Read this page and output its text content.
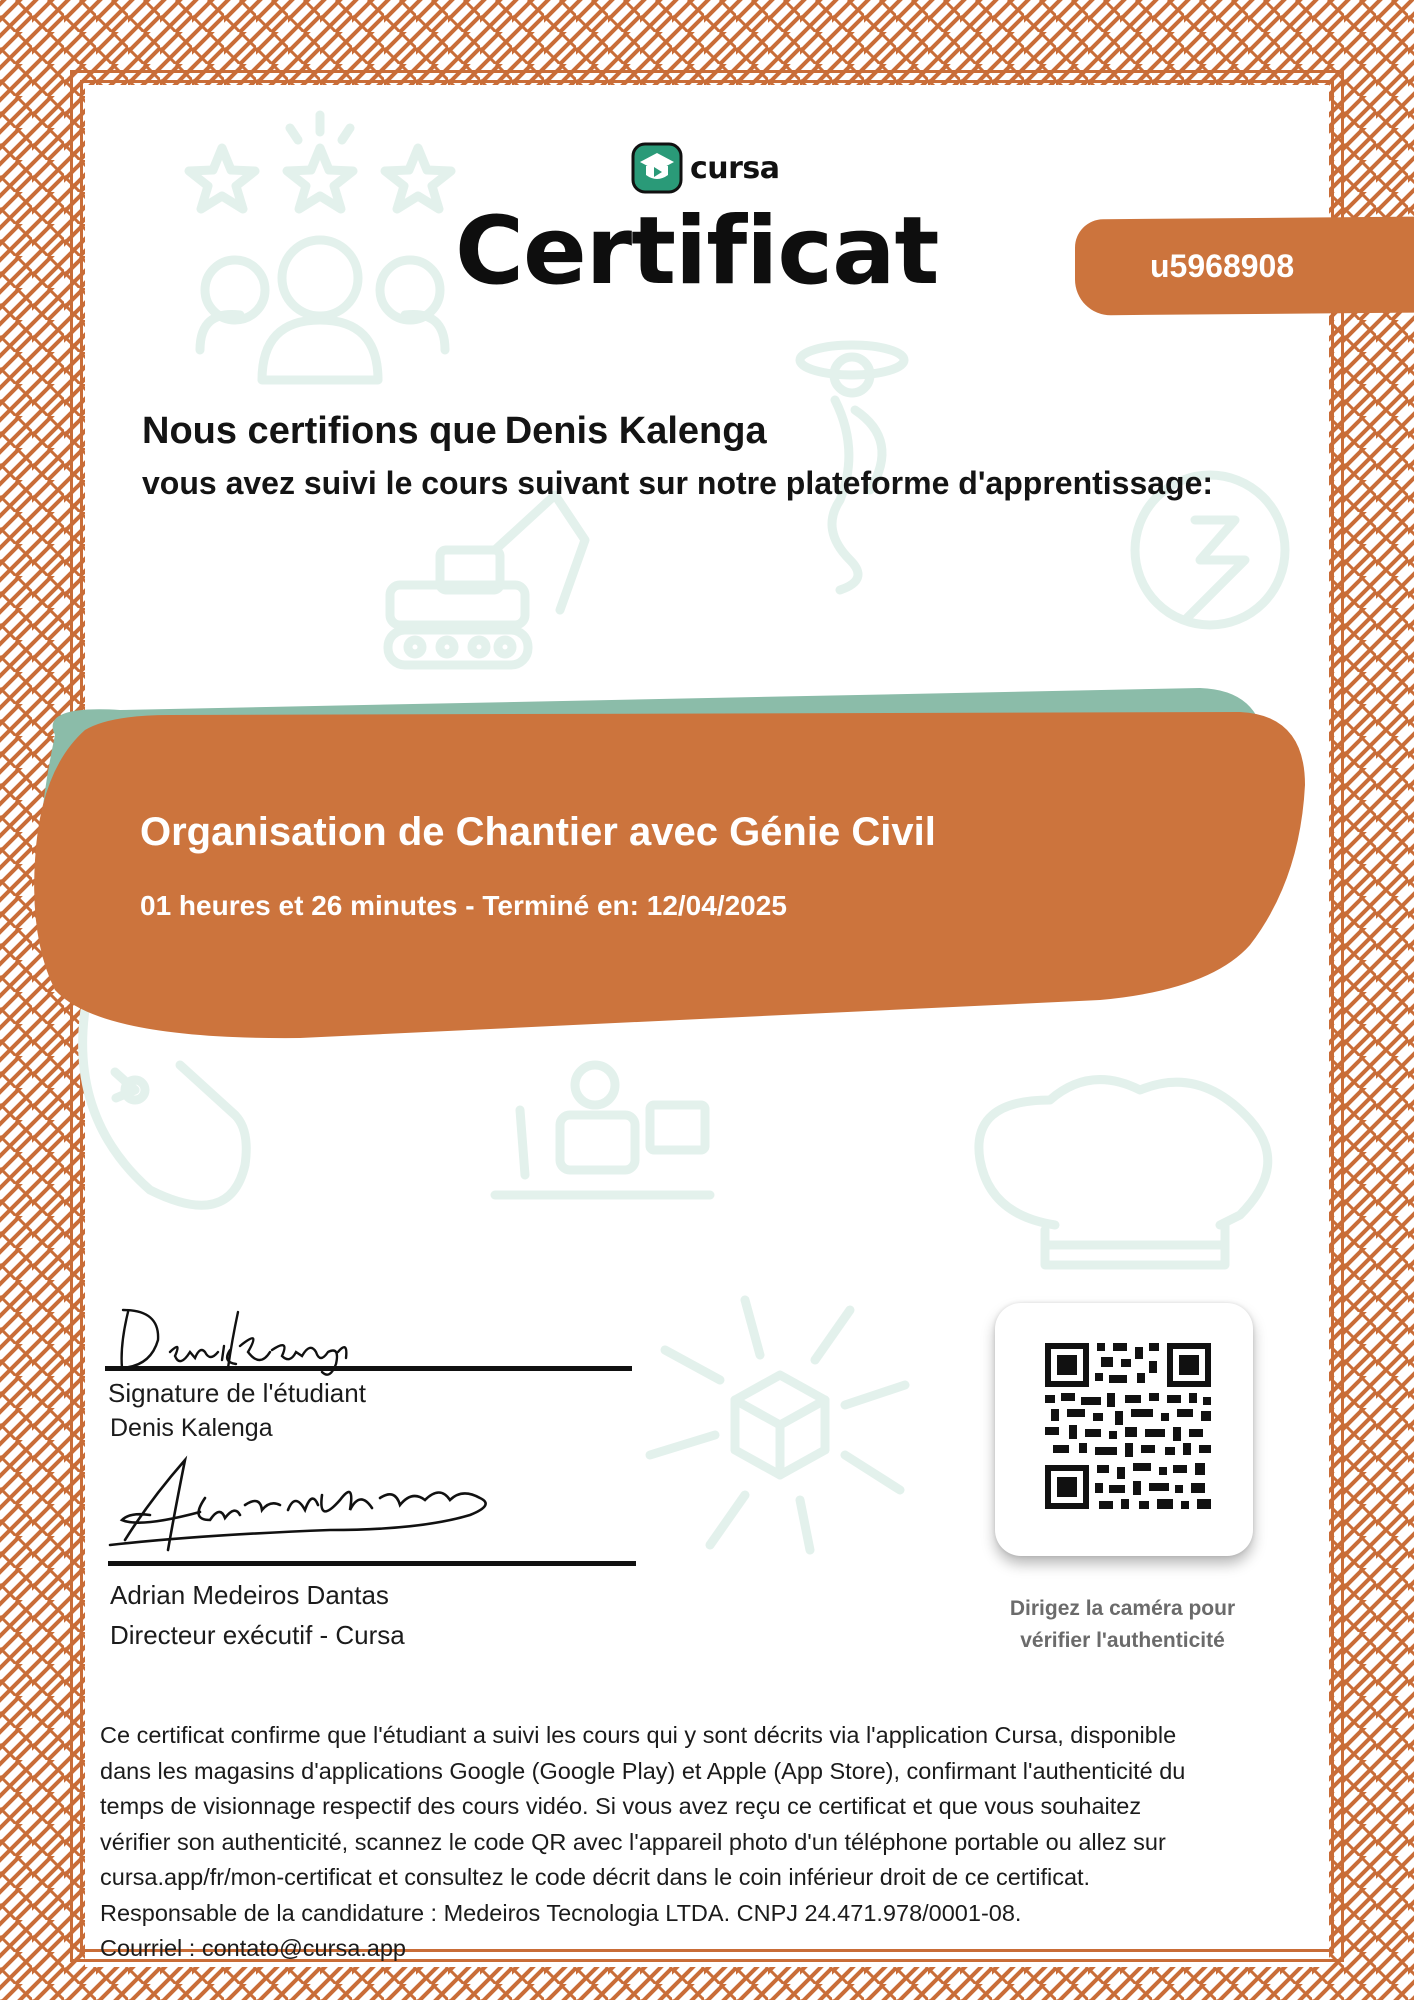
cursa
Certificat	u5968908
Nous certifions que Denis Kalenga
vous avez suivi le cours suivant sur notre plateforme d'apprentissage:
Organisation de Chantier avec Génie Civil
01 heures et 26 minutes - Terminé en: 12/04/2025
Signature de l'étudiant
Denis Kalenga
Adrian Medeiros Dantas
Directeur exécutif - Cursa
Dirigez la caméra pour
vérifier l'authenticité

Ce certificat confirme que l'étudiant a suivi les cours qui y sont décrits via l'application Cursa, disponible

dans les magasins d'applications Google (Google Play) et Apple (App Store), confirmant l'authenticité du

temps de visionnage respectif des cours vidéo. Si vous avez reçu ce certificat et que vous souhaitez

vérifier son authenticité, scannez le code QR avec l'appareil photo d'un téléphone portable ou allez sur

cursa.app/fr/mon-certificat et consultez le code décrit dans le coin inférieur droit de ce certificat.

Responsable de la candidature : Medeiros Tecnologia LTDA. CNPJ 24.471.978/0001-08.

Courriel : contato@cursa.app
